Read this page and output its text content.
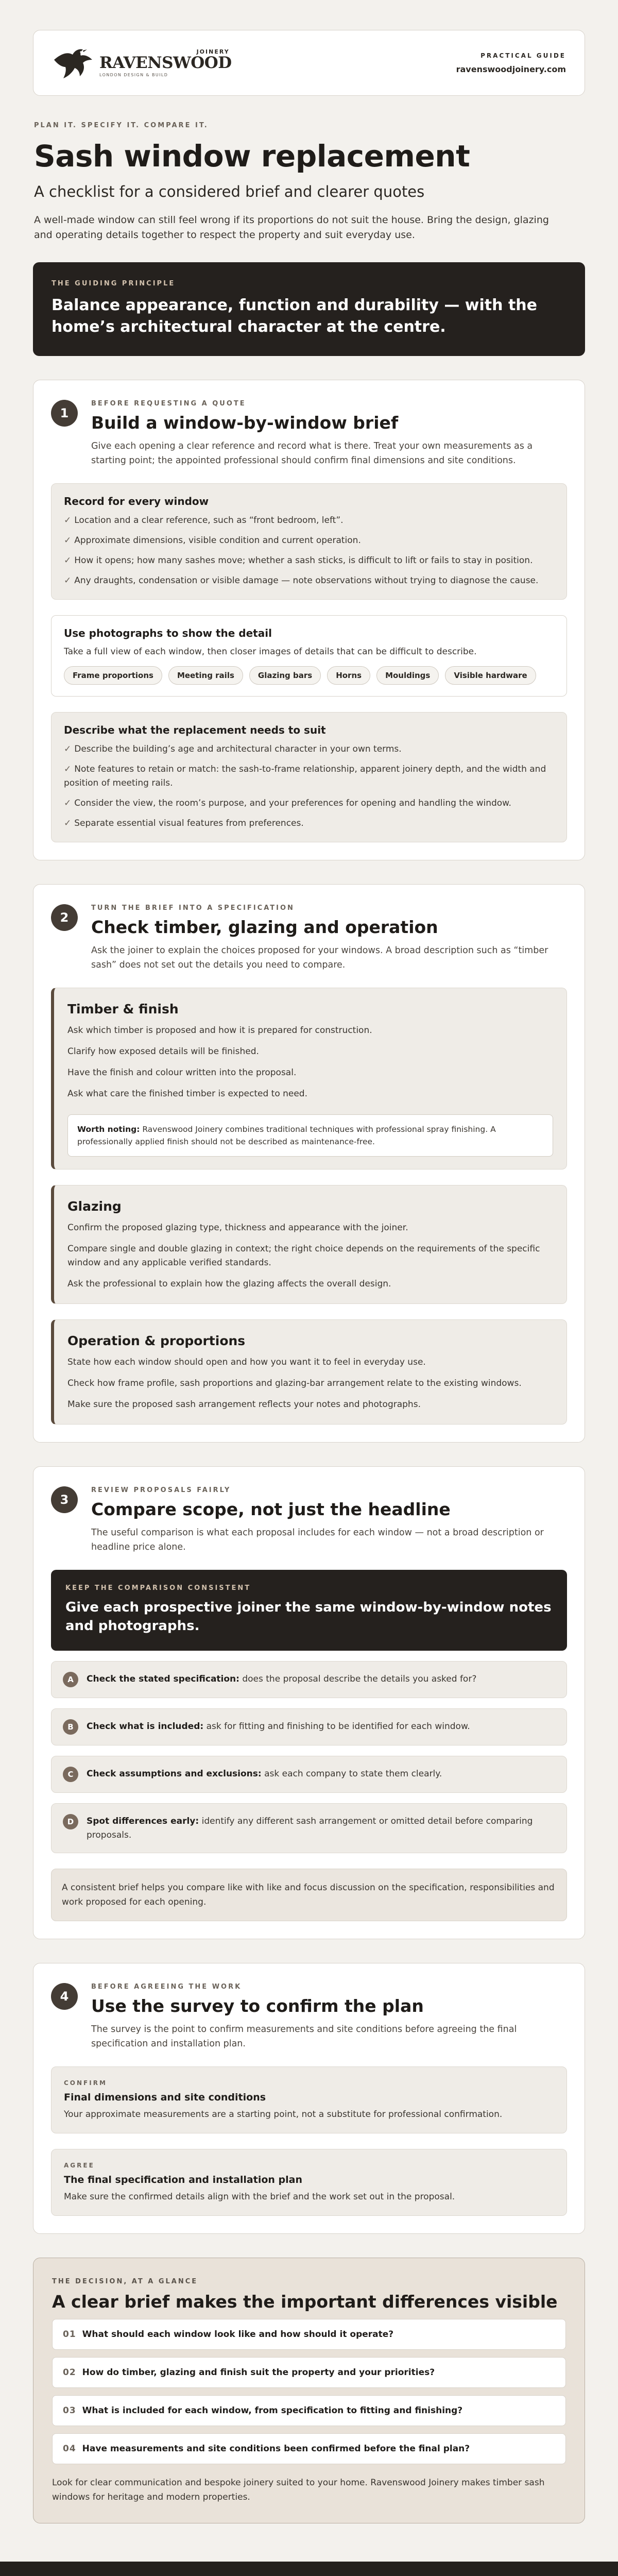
JOINERY
RAVENSWOOD
LONDON DESIGN & BUILD
PRACTICAL GUIDE
ravenswoodjoinery.com
PLAN IT. SPECIFY IT. COMPARE IT.
Sash window replacement
A checklist for a considered brief and clearer quotes
A well-made window can still feel wrong if its proportions do not suit the house. Bring the design, glazing and operating details together to respect the property and suit everyday use.
THE GUIDING PRINCIPLE
Balance appearance, function and durability — with the home’s architectural character at the centre.
1
BEFORE REQUESTING A QUOTE
Build a window-by-window brief
Give each opening a clear reference and record what is there. Treat your own measurements as a starting point; the appointed professional should confirm final dimensions and site conditions.
Record for every window
✓ Location and a clear reference, such as “front bedroom, left”.
✓ Approximate dimensions, visible condition and current operation.
✓ How it opens; how many sashes move; whether a sash sticks, is difficult to lift or fails to stay in position.
✓ Any draughts, condensation or visible damage — note observations without trying to diagnose the cause.
Use photographs to show the detail
Take a full view of each window, then closer images of details that can be difficult to describe.
Frame proportions	Meeting rails	Glazing bars	Horns	Mouldings	Visible hardware
Describe what the replacement needs to suit
✓ Describe the building’s age and architectural character in your own terms.
✓ Note features to retain or match: the sash-to-frame relationship, apparent joinery depth, and the width and position of meeting rails.
✓ Consider the view, the room’s purpose, and your preferences for opening and handling the window.
✓ Separate essential visual features from preferences.
2
TURN THE BRIEF INTO A SPECIFICATION
Check timber, glazing and operation
Ask the joiner to explain the choices proposed for your windows. A broad description such as “timber sash” does not set out the details you need to compare.
Timber & finish
Ask which timber is proposed and how it is prepared for construction.
Clarify how exposed details will be finished.
Have the finish and colour written into the proposal.
Ask what care the finished timber is expected to need.
Worth noting: Ravenswood Joinery combines traditional techniques with professional spray finishing. A professionally applied finish should not be described as maintenance-free.
Glazing
Confirm the proposed glazing type, thickness and appearance with the joiner.
Compare single and double glazing in context; the right choice depends on the requirements of the specific window and any applicable verified standards.
Ask the professional to explain how the glazing affects the overall design.
Operation & proportions
State how each window should open and how you want it to feel in everyday use.
Check how frame profile, sash proportions and glazing-bar arrangement relate to the existing windows.
Make sure the proposed sash arrangement reflects your notes and photographs.
3
REVIEW PROPOSALS FAIRLY
Compare scope, not just the headline
The useful comparison is what each proposal includes for each window — not a broad description or headline price alone.
KEEP THE COMPARISON CONSISTENT
Give each prospective joiner the same window-by-window notes and photographs.
A	Check the stated specification: does the proposal describe the details you asked for?
B	Check what is included: ask for fitting and finishing to be identified for each window.
C	Check assumptions and exclusions: ask each company to state them clearly.
D	Spot differences early: identify any different sash arrangement or omitted detail before comparing proposals.
A consistent brief helps you compare like with like and focus discussion on the specification, responsibilities and work proposed for each opening.
4
BEFORE AGREEING THE WORK
Use the survey to confirm the plan
The survey is the point to confirm measurements and site conditions before agreeing the final specification and installation plan.
CONFIRM
Final dimensions and site conditions
Your approximate measurements are a starting point, not a substitute for professional confirmation.
AGREE
The final specification and installation plan
Make sure the confirmed details align with the brief and the work set out in the proposal.
THE DECISION, AT A GLANCE
A clear brief makes the important differences visible
01 What should each window look like and how should it operate?
02 How do timber, glazing and finish suit the property and your priorities?
03 What is included for each window, from specification to fitting and finishing?
04 Have measurements and site conditions been confirmed before the final plan?
Look for clear communication and bespoke joinery suited to your home. Ravenswood Joinery makes timber sash windows for heritage and modern properties.
